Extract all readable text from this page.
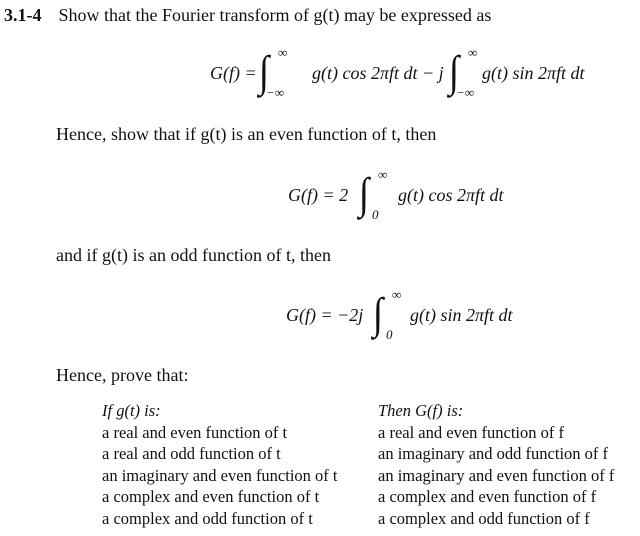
3.1-4 Show that the Fourier transform of g(t) may be expressed as
G(f) = ∫ ∞
−∞
g(t) cos 2πft dt − j ∫ ∞
−∞
g(t) sin 2πft dt
Hence, show that if g(t) is an even function of t, then
G(f) = 2 ∫ ∞
0
g(t) cos 2πft dt
and if g(t) is an odd function of t, then
G(f) = −2j ∫ ∞
0
g(t) sin 2πft dt
Hence, prove that:
If g(t) is:
a real and even function of t
a real and odd function of t
an imaginary and even function of t
a complex and even function of t
a complex and odd function of t
Then G(f) is:
a real and even function of f
an imaginary and odd function of f
an imaginary and even function of f
a complex and even function of f
a complex and odd function of f
